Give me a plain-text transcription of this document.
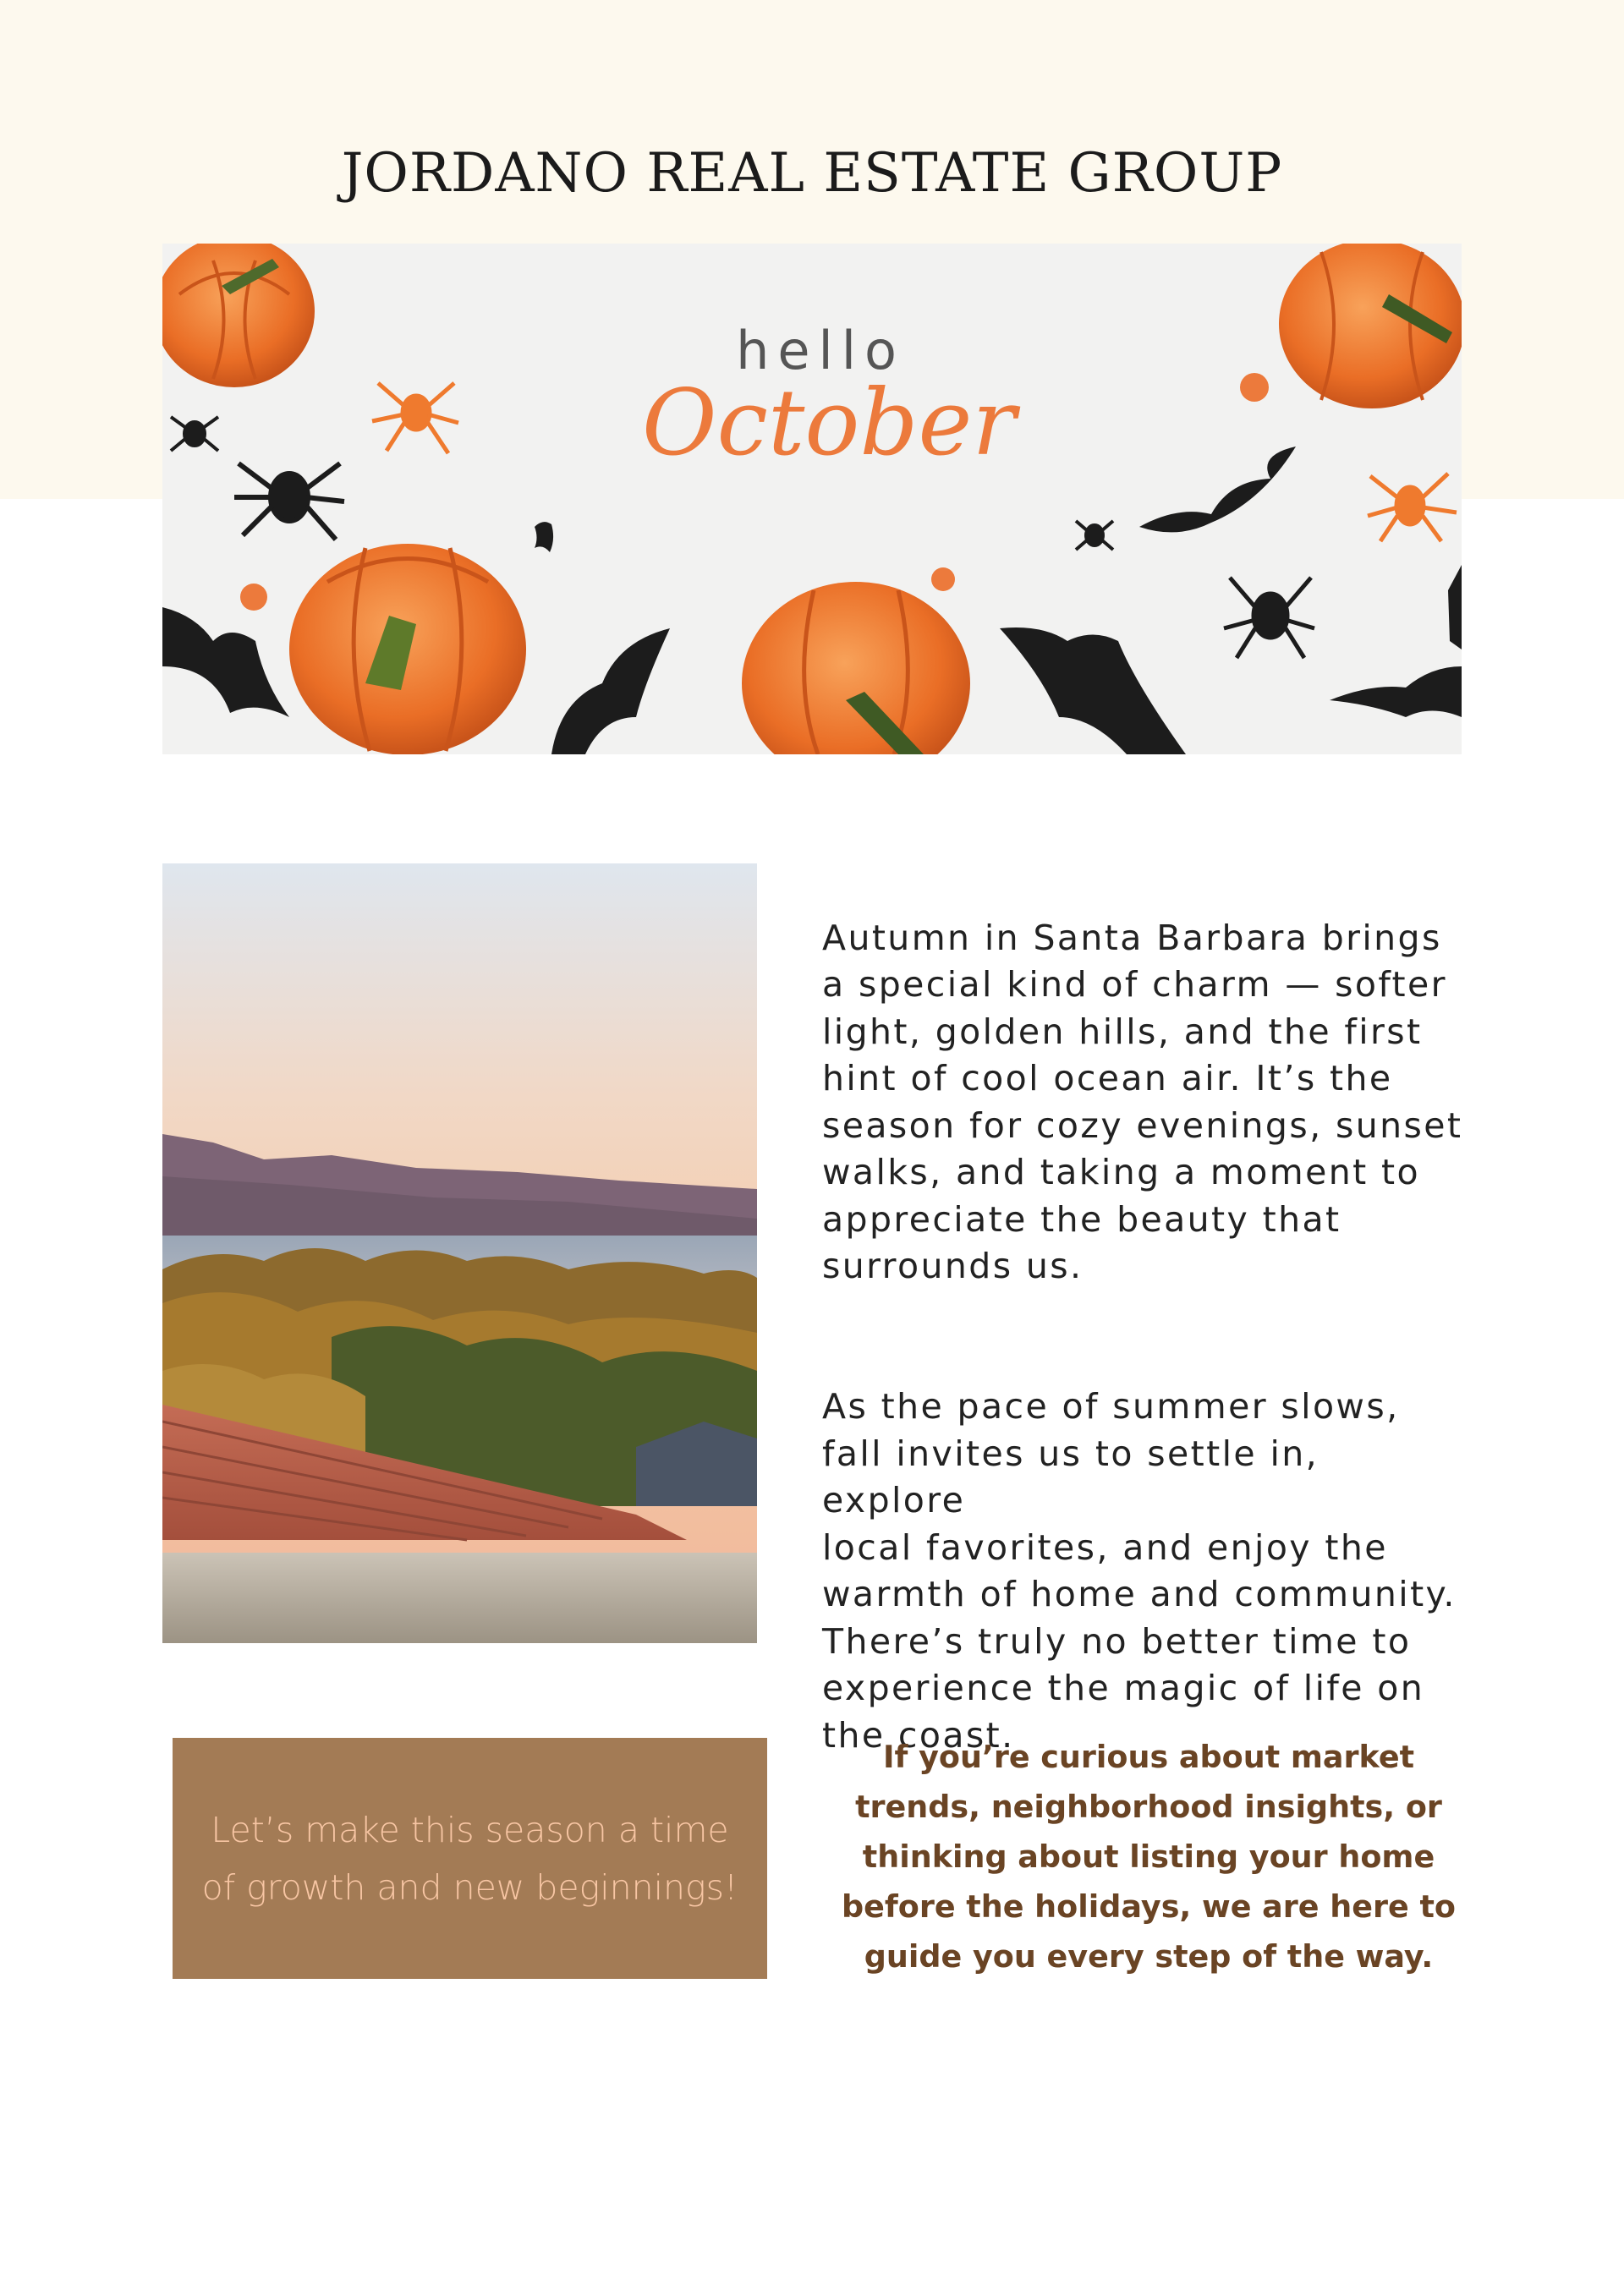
JORDANO REAL ESTATE GROUP
hello
October

Autumn in Santa Barbara brings
a special kind of charm — softer
light, golden hills, and the first
hint of cool ocean air. It’s the
season for cozy evenings, sunset
walks, and taking a moment to
appreciate the beauty that
surrounds us.

As the pace of summer slows,
fall invites us to settle in, explore
local favorites, and enjoy the
warmth of home and community.
There’s truly no better time to
experience the magic of life on
the coast.

Let’s make this season a time of growth and new beginnings!
If you’re curious about market trends, neighborhood insights, or thinking about listing your home before the holidays, we are here to guide you every step of the way.
